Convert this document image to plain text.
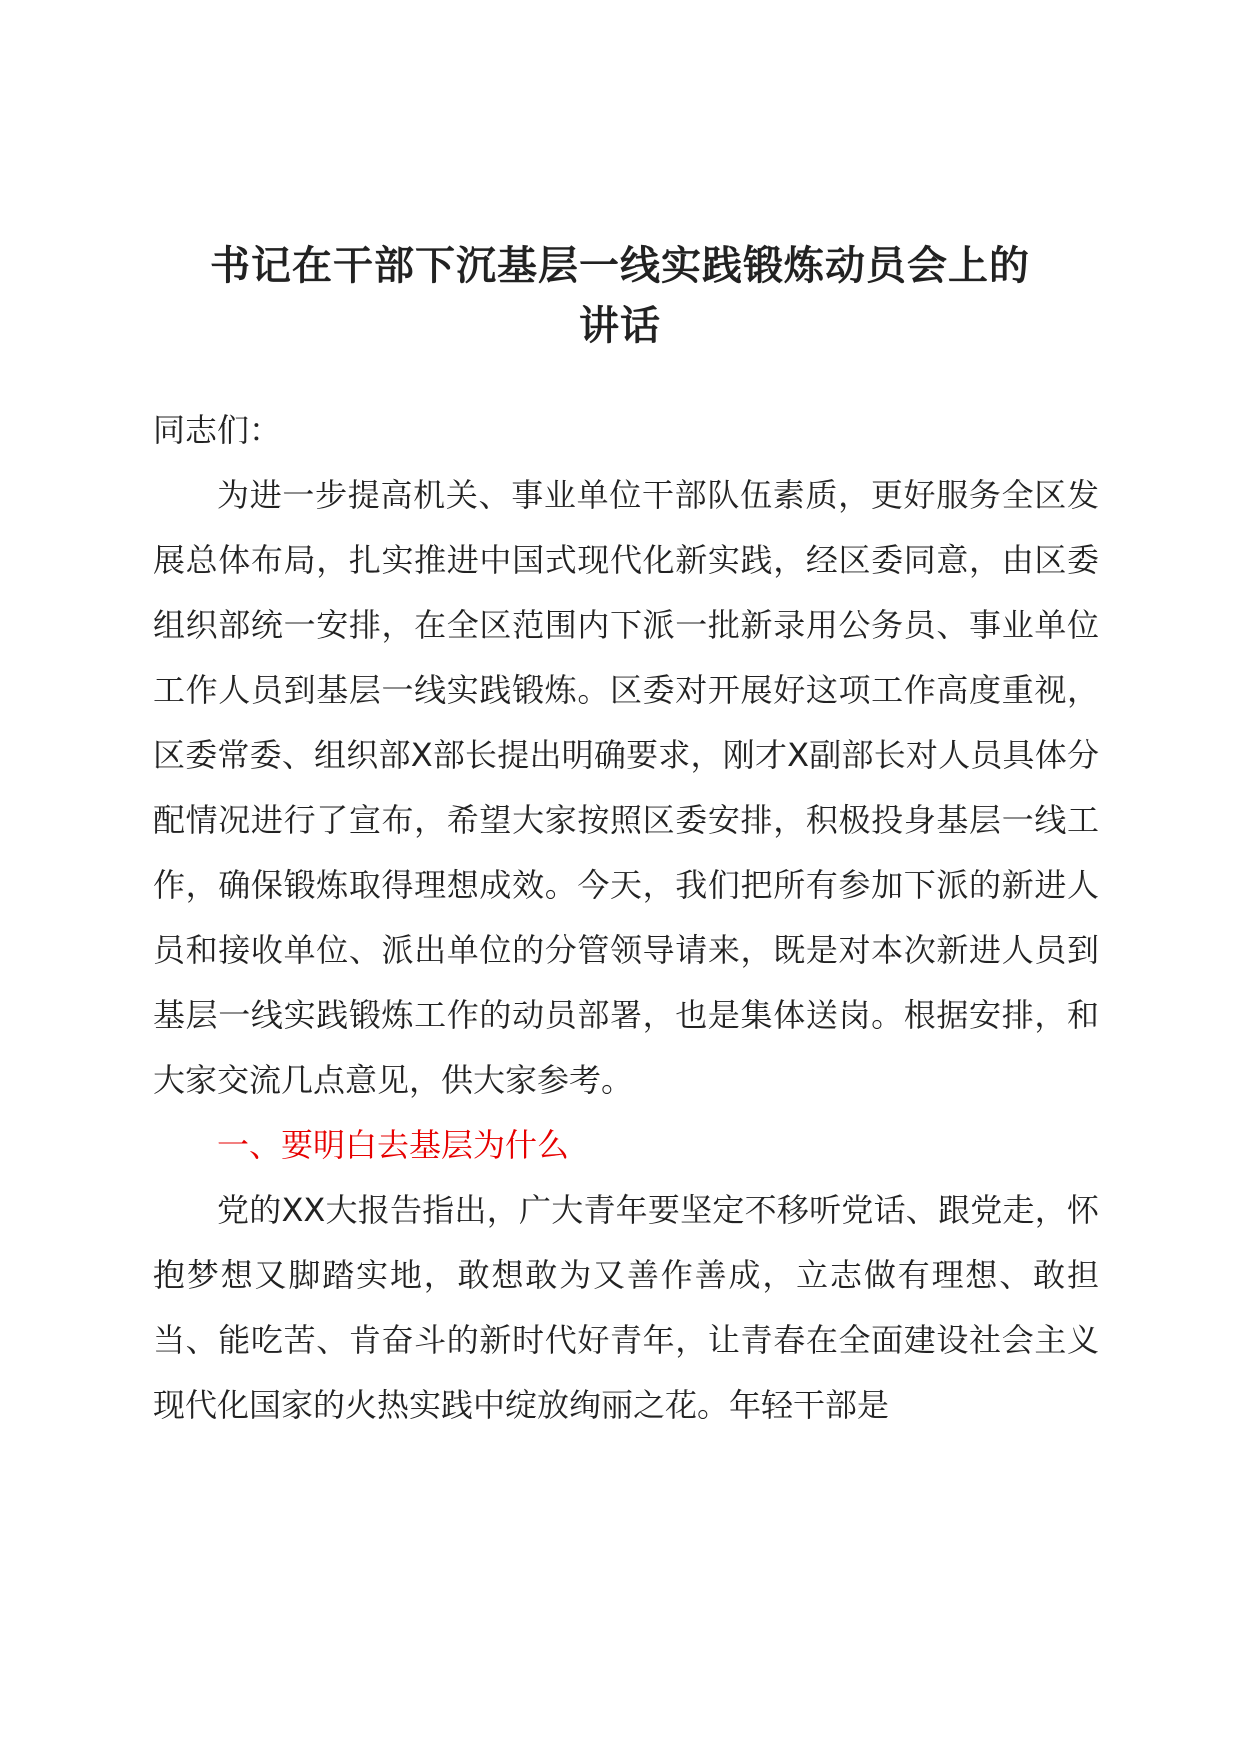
书记在干部下沉基层一线实践锻炼动员会上的
讲话

同志们：

为进一步提高机关、事业单位干部队伍素质，更好服务全区发展总体布局，扎实推进中国式现代化新实践，经区委同意，由区委组织部统一安排，在全区范围内下派一批新录用公务员、事业单位工作人员到基层一线实践锻炼。区委对开展好这项工作高度重视，区委常委、组织部X部长提出明确要求，刚才X副部长对人员具体分配情况进行了宣布，希望大家按照区委安排，积极投身基层一线工作，确保锻炼取得理想成效。今天，我们把所有参加下派的新进人员和接收单位、派出单位的分管领导请来，既是对本次新进人员到基层一线实践锻炼工作的动员部署，也是集体送岗。根据安排，和大家交流几点意见，供大家参考。

一、要明白去基层为什么

党的XX大报告指出，广大青年要坚定不移听党话、跟党走，怀抱梦想又脚踏实地，敢想敢为又善作善成，立志做有理想、敢担当、能吃苦、肯奋斗的新时代好青年，让青春在全面建设社会主义现代化国家的火热实践中绽放绚丽之花。年轻干部是
